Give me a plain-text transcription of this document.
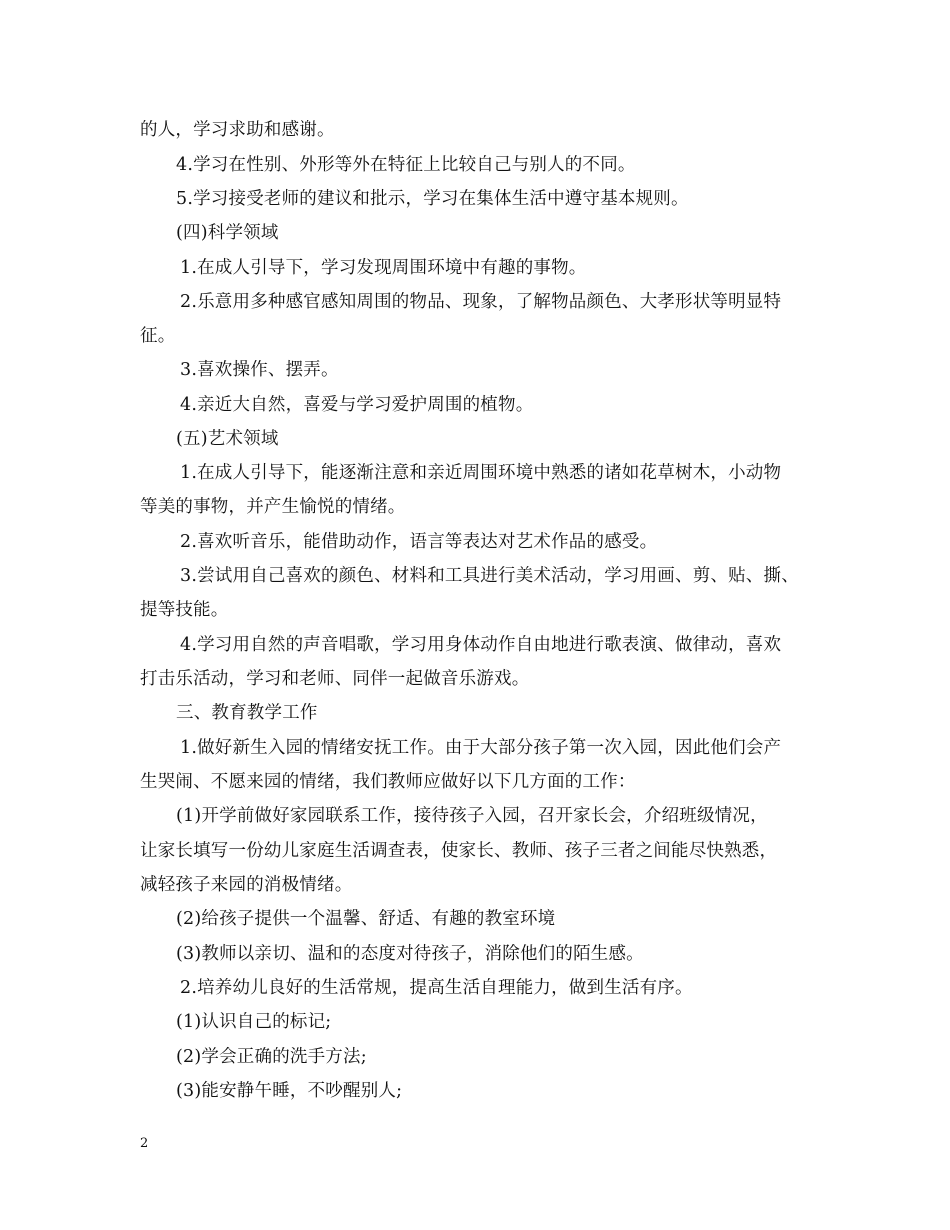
的人，学习求助和感谢。
4.学习在性别、外形等外在特征上比较自己与别人的不同。
5.学习接受老师的建议和批示，学习在集体生活中遵守基本规则。
(四)科学领域
1.在成人引导下，学习发现周围环境中有趣的事物。
2.乐意用多种感官感知周围的物品、现象，了解物品颜色、大孝形状等明显特
征。
3.喜欢操作、摆弄。
4.亲近大自然，喜爱与学习爱护周围的植物。
(五)艺术领域
1.在成人引导下，能逐渐注意和亲近周围环境中熟悉的诸如花草树木，小动物
等美的事物，并产生愉悦的情绪。
2.喜欢听音乐，能借助动作，语言等表达对艺术作品的感受。
3.尝试用自己喜欢的颜色、材料和工具进行美术活动，学习用画、剪、贴、撕、
提等技能。
4.学习用自然的声音唱歌，学习用身体动作自由地进行歌表演、做律动，喜欢
打击乐活动，学习和老师、同伴一起做音乐游戏。
三、教育教学工作
1.做好新生入园的情绪安抚工作。由于大部分孩子第一次入园，因此他们会产
生哭闹、不愿来园的情绪，我们教师应做好以下几方面的工作：
(1)开学前做好家园联系工作，接待孩子入园，召开家长会，介绍班级情况，
让家长填写一份幼儿家庭生活调查表，使家长、教师、孩子三者之间能尽快熟悉，
减轻孩子来园的消极情绪。
(2)给孩子提供一个温馨、舒适、有趣的教室环境
(3)教师以亲切、温和的态度对待孩子，消除他们的陌生感。
2.培养幼儿良好的生活常规，提高生活自理能力，做到生活有序。
(1)认识自己的标记;
(2)学会正确的洗手方法;
(3)能安静午睡，不吵醒别人;
2
